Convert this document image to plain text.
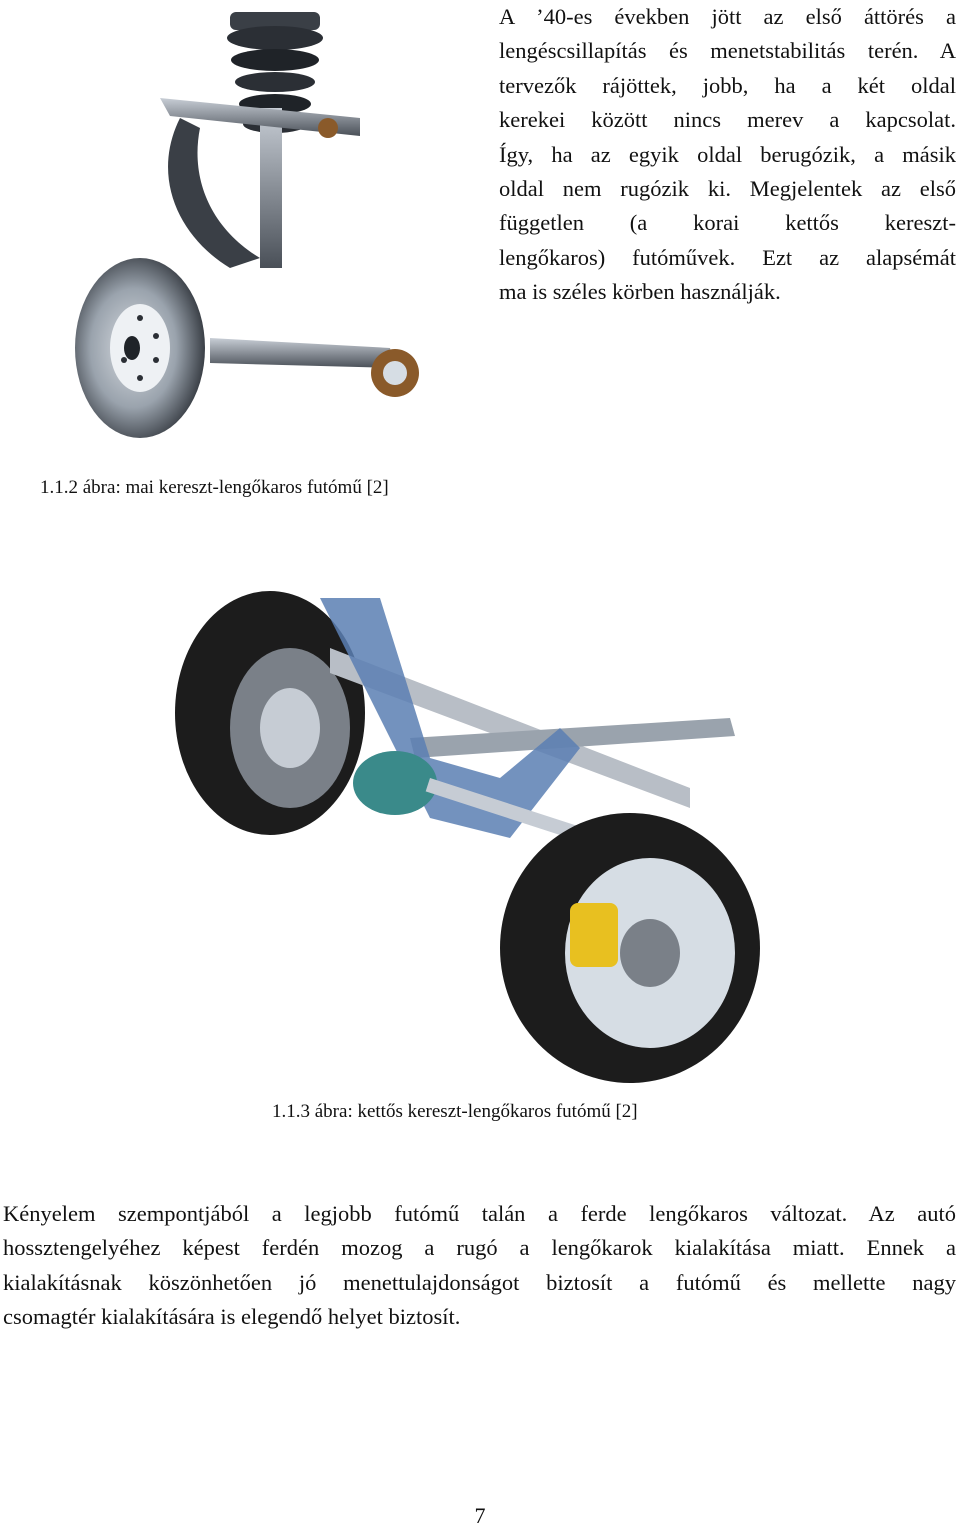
A ’40-es években jött az első áttörés a
lengéscsillapítás és menetstabilitás terén. A
tervezők rájöttek, jobb, ha a két oldal
kerekei között nincs merev a kapcsolat.
Így, ha az egyik oldal berugózik, a másik
oldal nem rugózik ki. Megjelentek az első
független (a korai kettős kereszt-
lengőkaros) futóművek. Ezt az alapsémát
ma is széles körben használják.

1.1.2 ábra: mai kereszt-lengőkaros futómű [2]

1.1.3 ábra: kettős kereszt-lengőkaros futómű [2]

Kényelem szempontjából a legjobb futómű talán a ferde lengőkaros változat. Az autó
hossztengelyéhez képest ferdén mozog a rugó a lengőkarok kialakítása miatt. Ennek a
kialakításnak köszönhetően jó menettulajdonságot biztosít a futómű és mellette nagy
csomagtér kialakítására is elegendő helyet biztosít.

7
